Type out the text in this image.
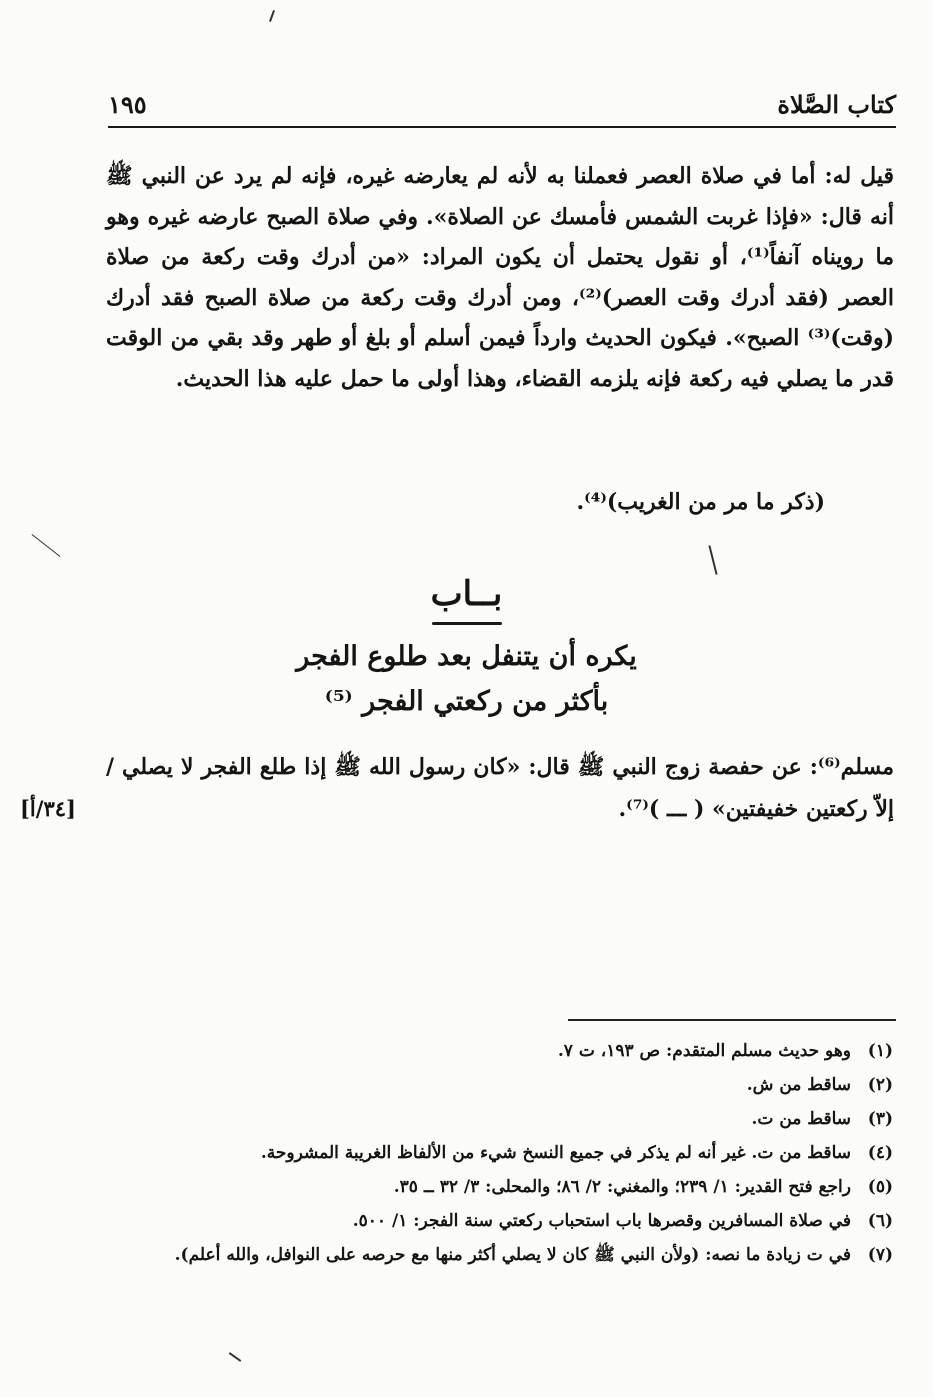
كتاب الصَّلاة
١٩٥

قيل له: أما في صلاة العصر فعملنا به لأنه لم يعارضه غيره، فإنه لم يرد عن النبي ﷺ أنه قال: «فإذا غربت الشمس فأمسك عن الصلاة». وفي صلاة الصبح عارضه غيره وهو ما رويناه آنفاً⁽¹⁾، أو نقول يحتمل أن يكون المراد: «من أدرك وقت ركعة من صلاة العصر (فقد أدرك وقت العصر)⁽²⁾، ومن أدرك وقت ركعة من صلاة الصبح فقد أدرك (وقت)⁽³⁾ الصبح». فيكون الحديث وارداً فيمن أسلم أو بلغ أو طهر وقد بقي من الوقت قدر ما يصلي فيه ركعة فإنه يلزمه القضاء، وهذا أولى ما حمل عليه هذا الحديث.

(ذكر ما مر من الغريب)⁽⁴⁾.
بــاب
يكره أن يتنفل بعد طلوع الفجر
بأكثر من ركعتي الفجر ⁽⁵⁾

مسلم⁽⁶⁾: عن حفصة زوج النبي ﷺ قال: «كان رسول الله ﷺ إذا طلع الفجر لا يصلي / إلاّ ركعتين خفيفتين» ( ـــ )⁽⁷⁾.

[٣٤/أ]
(١)
وهو حديث مسلم المتقدم: ص ١٩٣، ت ٧.
(٢)
ساقط من ش.
(٣)
ساقط من ت.
(٤)
ساقط من ت. غير أنه لم يذكر في جميع النسخ شيء من الألفاظ الغريبة المشروحة.
(٥)
راجع فتح القدير: ١/ ٢٣٩؛ والمغني: ٢/ ٨٦؛ والمحلى: ٣/ ٣٢ ــ ٣٥.
(٦)
في صلاة المسافرين وقصرها باب استحباب ركعتي سنة الفجر: ١/ ٥٠٠.
(٧)
في ت زيادة ما نصه: (ولأن النبي ﷺ كان لا يصلي أكثر منها مع حرصه على النوافل، والله أعلم).
